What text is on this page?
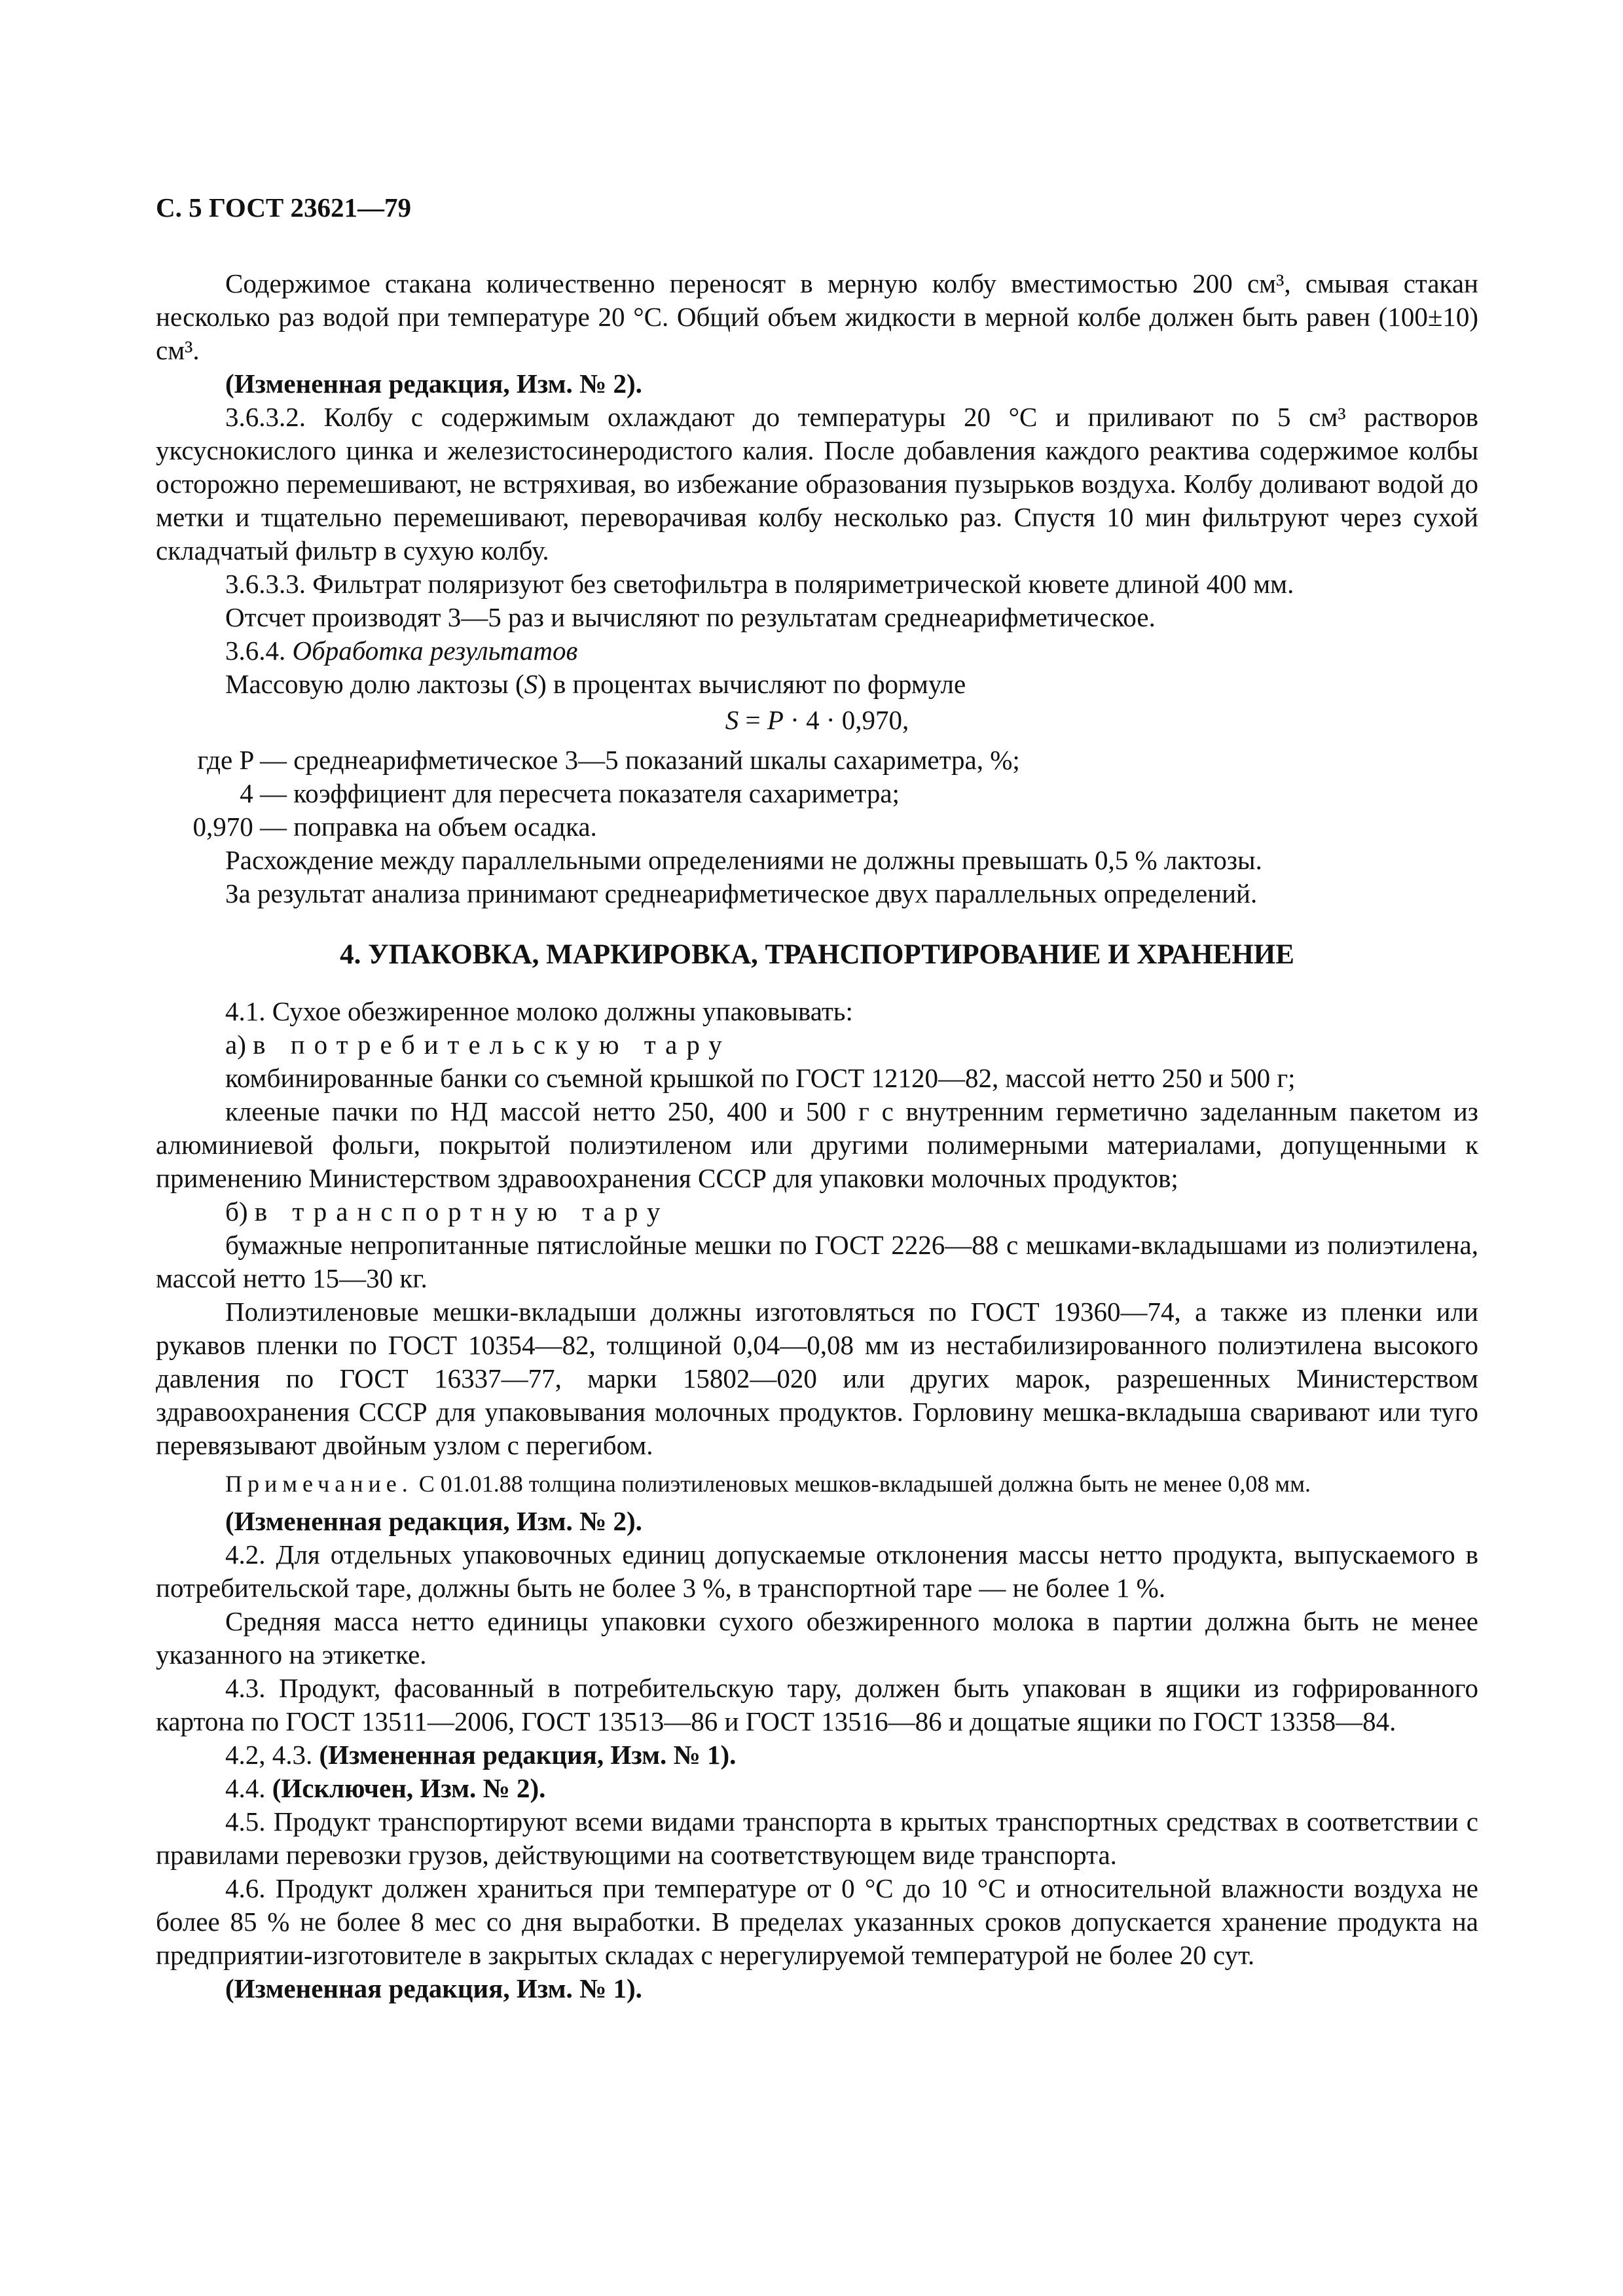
С. 5 ГОСТ 23621—79

Содержимое стакана количественно переносят в мерную колбу вместимостью 200 см³, смывая стакан несколько раз водой при температуре 20 °С. Общий объем жидкости в мерной колбе должен быть равен (100±10) см³.

(Измененная редакция, Изм. № 2).

3.6.3.2. Колбу с содержимым охлаждают до температуры 20 °С и приливают по 5 см³ растворов уксуснокислого цинка и железистосинеродистого калия. После добавления каждого реактива содержимое колбы осторожно перемешивают, не встряхивая, во избежание образования пузырьков воздуха. Колбу доливают водой до метки и тщательно перемешивают, переворачивая колбу несколько раз. Спустя 10 мин фильтруют через сухой складчатый фильтр в сухую колбу.

3.6.3.3. Фильтрат поляризуют без светофильтра в поляриметрической кювете длиной 400 мм.

Отсчет производят 3—5 раз и вычисляют по результатам среднеарифметическое.

3.6.4. Обработка результатов

Массовую долю лактозы (S) в процентах вычисляют по формуле

S = P · 4 · 0,970,
где P —
среднеарифметическое 3—5 показаний шкалы сахариметра, %;
4 —
коэффициент для пересчета показателя сахариметра;
0,970 —
поправка на объем осадка.

Расхождение между параллельными определениями не должны превышать 0,5 % лактозы.

За результат анализа принимают среднеарифметическое двух параллельных определений.

4. УПАКОВКА, МАРКИРОВКА, ТРАНСПОРТИРОВАНИЕ И ХРАНЕНИЕ

4.1. Сухое обезжиренное молоко должны упаковывать:

а) в потребительскую тару

комбинированные банки со съемной крышкой по ГОСТ 12120—82, массой нетто 250 и 500 г;

клееные пачки по НД массой нетто 250, 400 и 500 г с внутренним герметично заделанным пакетом из алюминиевой фольги, покрытой полиэтиленом или другими полимерными материалами, допущенными к применению Министерством здравоохранения СССР для упаковки молочных продуктов;

б) в транспортную тару

бумажные непропитанные пятислойные мешки по ГОСТ 2226—88 с мешками-вкладышами из полиэтилена, массой нетто 15—30 кг.

Полиэтиленовые мешки-вкладыши должны изготовляться по ГОСТ 19360—74, а также из пленки или рукавов пленки по ГОСТ 10354—82, толщиной 0,04—0,08 мм из нестабилизированного полиэтилена высокого давления по ГОСТ 16337—77, марки 15802—020 или других марок, разрешенных Министерством здравоохранения СССР для упаковывания молочных продуктов. Горловину мешка-вкладыша сваривают или туго перевязывают двойным узлом с перегибом.

Примечание. С 01.01.88 толщина полиэтиленовых мешков-вкладышей должна быть не менее 0,08 мм.

(Измененная редакция, Изм. № 2).

4.2. Для отдельных упаковочных единиц допускаемые отклонения массы нетто продукта, выпускаемого в потребительской таре, должны быть не более 3 %, в транспортной таре — не более 1 %.

Средняя масса нетто единицы упаковки сухого обезжиренного молока в партии должна быть не менее указанного на этикетке.

4.3. Продукт, фасованный в потребительскую тару, должен быть упакован в ящики из гофрированного картона по ГОСТ 13511—2006, ГОСТ 13513—86 и ГОСТ 13516—86 и дощатые ящики по ГОСТ 13358—84.

4.2, 4.3. (Измененная редакция, Изм. № 1).

4.4. (Исключен, Изм. № 2).

4.5. Продукт транспортируют всеми видами транспорта в крытых транспортных средствах в соответствии с правилами перевозки грузов, действующими на соответствующем виде транспорта.

4.6. Продукт должен храниться при температуре от 0 °С до 10 °С и относительной влажности воздуха не более 85 % не более 8 мес со дня выработки. В пределах указанных сроков допускается хранение продукта на предприятии-изготовителе в закрытых складах с нерегулируемой температурой не более 20 сут.

(Измененная редакция, Изм. № 1).
